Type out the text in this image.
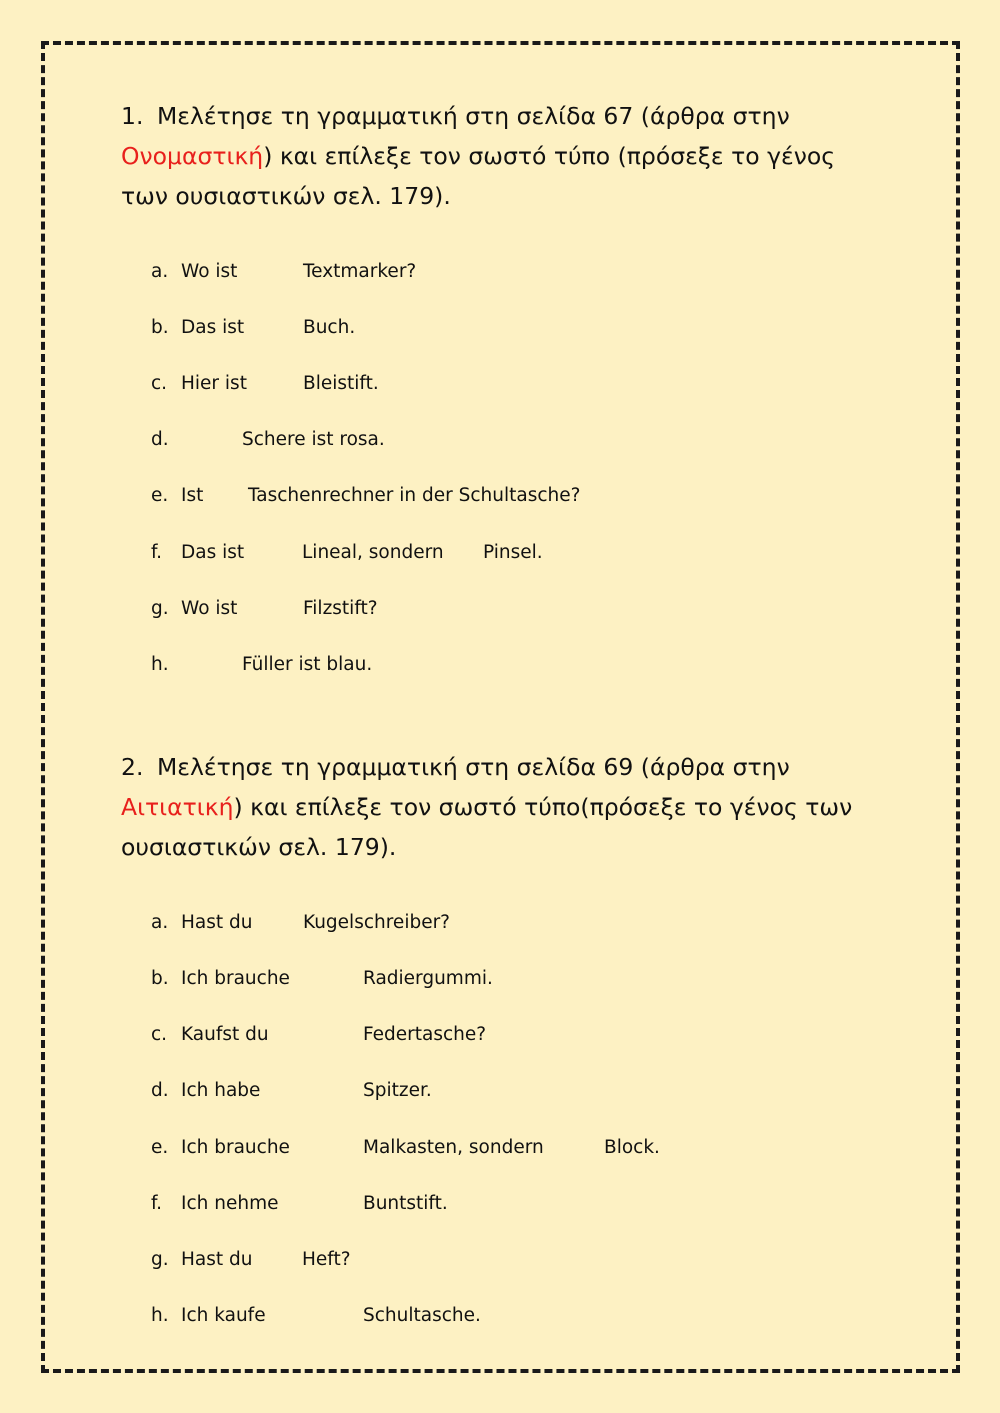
1. Μελέτησε τη γραμματική στη σελίδα 67 (άρθρα στην
Ονομαστική) και επίλεξε τον σωστό τύπο (πρόσεξε το γένος
των ουσιαστικών σελ. 179).
a. Wo ist	Textmarker?
b. Das ist	Buch.
c. Hier ist	Bleistift.
d.	Schere ist rosa.
e. Ist Taschenrechner in der Schultasche?
f. Das ist	Lineal, sondern Pinsel.
g. Wo ist	Filzstift?
h.	Füller ist blau.
2. Μελέτησε τη γραμματική στη σελίδα 69 (άρθρα στην
Αιτιατική) και επίλεξε τον σωστό τύπο(πρόσεξε το γένος των
ουσιαστικών σελ. 179).
a. Hast du	Kugelschreiber?
b. Ich brauche	Radiergummi.
c. Kaufst du	Federtasche?
d. Ich habe	Spitzer.
e. Ich brauche	Malkasten, sondern	Block.
f. Ich nehme	Buntstift.
g. Hast du	Heft?
h. Ich kaufe	Schultasche.
